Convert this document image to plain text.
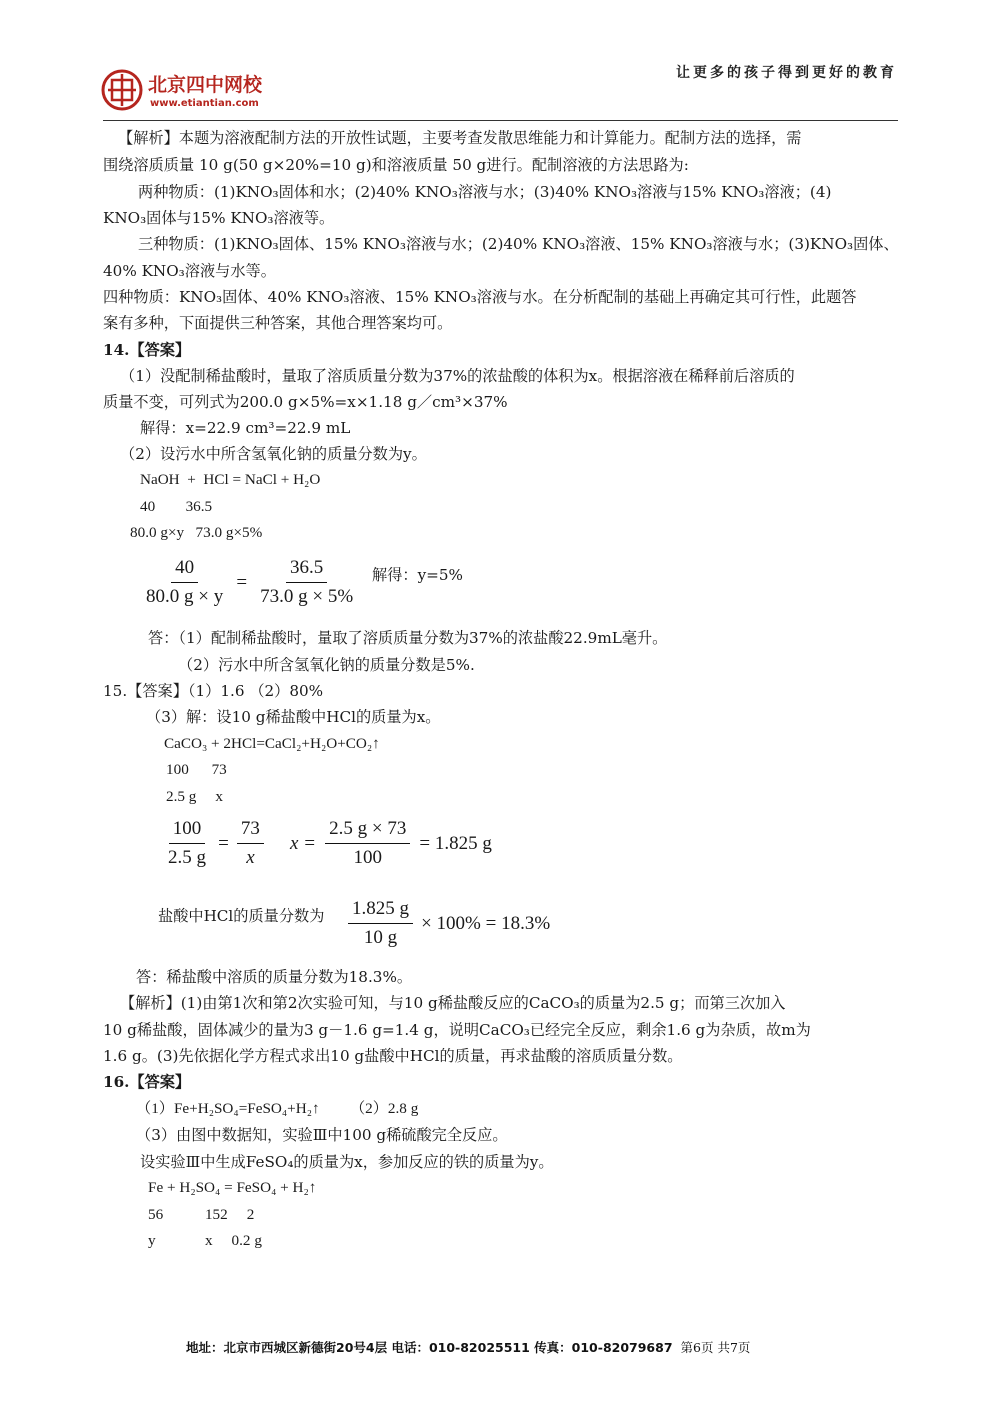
北京四中网校
www.etiantian.com
让更多的孩子得到更好的教育
【解析】本题为溶液配制方法的开放性试题，主要考查发散思维能力和计算能力。配制方法的选择，需
围绕溶质质量 10 g(50 g×20%=10 g)和溶液质量 50 g进行。配制溶液的方法思路为:
两种物质：(1)KNO₃固体和水；(2)40% KNO₃溶液与水；(3)40% KNO₃溶液与15% KNO₃溶液；(4)
KNO₃固体与15% KNO₃溶液等。
三种物质：(1)KNO₃固体、15% KNO₃溶液与水；(2)40% KNO₃溶液、15% KNO₃溶液与水；(3)KNO₃固体、
40% KNO₃溶液与水等。
四种物质：KNO₃固体、40% KNO₃溶液、15% KNO₃溶液与水。在分析配制的基础上再确定其可行性，此题答
案有多种，下面提供三种答案，其他合理答案均可。
14.【答案】
（1）没配制稀盐酸时，量取了溶质质量分数为37%的浓盐酸的体积为x。根据溶液在稀释前后溶质的
质量不变，可列式为200.0 g×5%=x×1.18 g／cm³×37%
解得：x=22.9 cm³=22.9 mL
（2）设污水中所含氢氧化钠的质量分数为y。
NaOH  +  HCl = NaCl + H₂O
40        36.5
80.0 g×y   73.0 g×5%
$\frac{40}{80.0 g \times y} = \frac{36.5}{73.0 g \times 5\%}$ 解得：y=5%
答：（1）配制稀盐酸时，量取了溶质质量分数为37%的浓盐酸22.9mL毫升。
（2）污水中所含氢氧化钠的质量分数是5%.
15.【答案】（1）1.6 （2）80%
（3）解：设10 g稀盐酸中HCl的质量为x。
CaCO₃ + 2HCl=CaCl₂+H₂O+CO₂↑
100      73
2.5 g     x
$\frac{100}{2.5 g} = \frac{73}{x}$ $x = \frac{2.5 g \times 73}{100} = 1.825$ g
盐酸中HCl的质量分数为 $\frac{1.825 g}{10 g} \times 100\% = 18.3\%$
答：稀盐酸中溶质的质量分数为18.3%。
【解析】(1)由第1次和第2次实验可知，与10 g稀盐酸反应的CaCO₃的质量为2.5 g；而第三次加入
10 g稀盐酸，固体减少的量为3 g－1.6 g=1.4 g，说明CaCO₃已经完全反应，剩余1.6 g为杂质，故m为
1.6 g。(3)先依据化学方程式求出10 g盐酸中HCl的质量，再求盐酸的溶质质量分数。
16.【答案】
（1）Fe+H₂SO₄=FeSO₄+H₂↑        （2）2.8 g
（3）由图中数据知，实验Ⅲ中100 g稀硫酸完全反应。
设实验Ⅲ中生成FeSO₄的质量为x，参加反应的铁的质量为y。
Fe + H₂SO₄ = FeSO₄ + H₂↑
56           152     2
y             x     0.2 g
地址：北京市西城区新德街20号4层 电话：010-82025511 传真：010-82079687 第6页 共7页
